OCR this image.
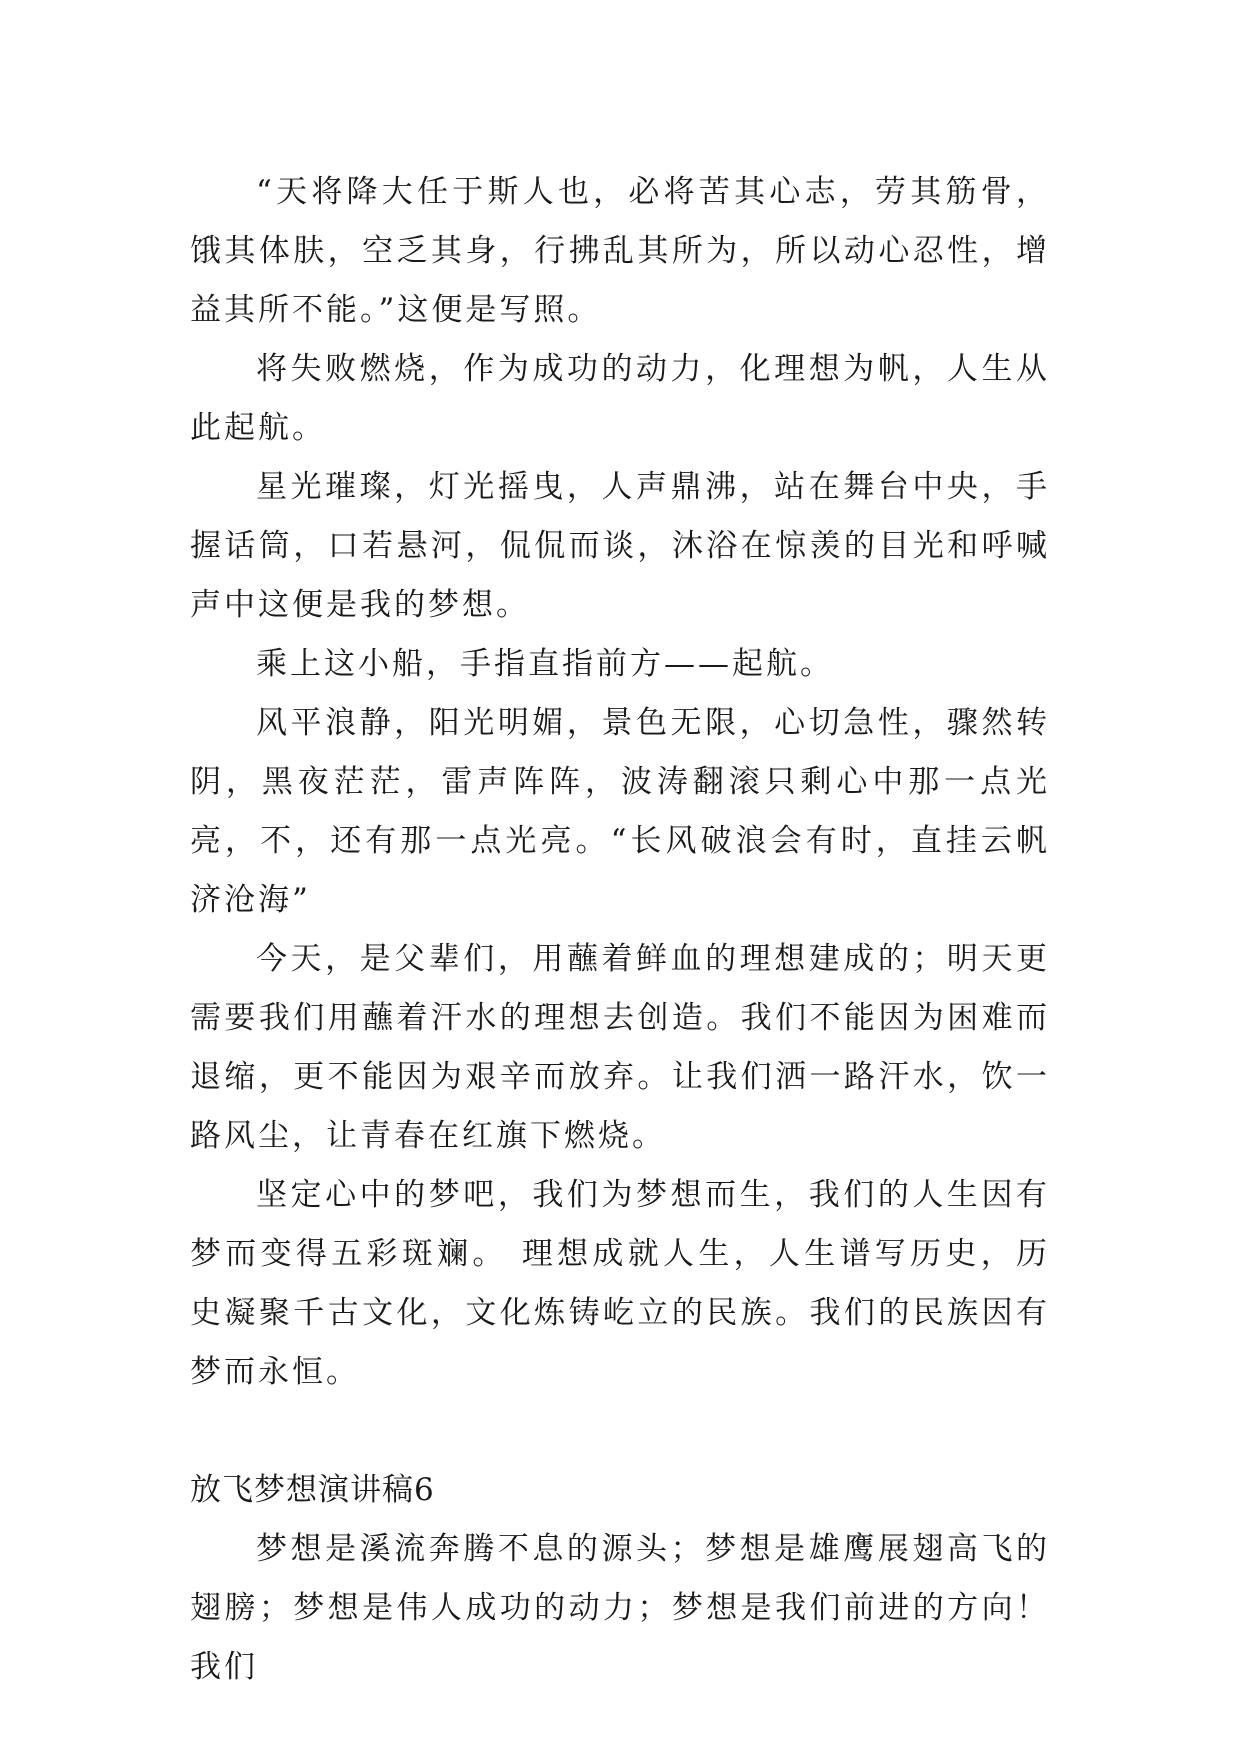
“天将降大任于斯人也，必将苦其心志，劳其筋骨，饿其体肤，空乏其身，行拂乱其所为，所以动心忍性，增益其所不能。”这便是写照。

将失败燃烧，作为成功的动力，化理想为帆，人生从此起航。

星光璀璨，灯光摇曳，人声鼎沸，站在舞台中央，手握话筒，口若悬河，侃侃而谈，沐浴在惊羡的目光和呼喊声中这便是我的梦想。

乘上这小船，手指直指前方——起航。

风平浪静，阳光明媚，景色无限，心切急性，骤然转阴，黑夜茫茫，雷声阵阵，波涛翻滚只剩心中那一点光亮，不，还有那一点光亮。“长风破浪会有时，直挂云帆济沧海”

今天，是父辈们，用蘸着鲜血的理想建成的；明天更需要我们用蘸着汗水的理想去创造。我们不能因为困难而退缩，更不能因为艰辛而放弃。让我们洒一路汗水，饮一路风尘，让青春在红旗下燃烧。

坚定心中的梦吧，我们为梦想而生，我们的人生因有梦而变得五彩斑斓。 理想成就人生，人生谱写历史，历史凝聚千古文化，文化炼铸屹立的民族。我们的民族因有梦而永恒。

放飞梦想演讲稿6

梦想是溪流奔腾不息的源头；梦想是雄鹰展翅高飞的翅膀；梦想是伟人成功的动力；梦想是我们前进的方向！我们
